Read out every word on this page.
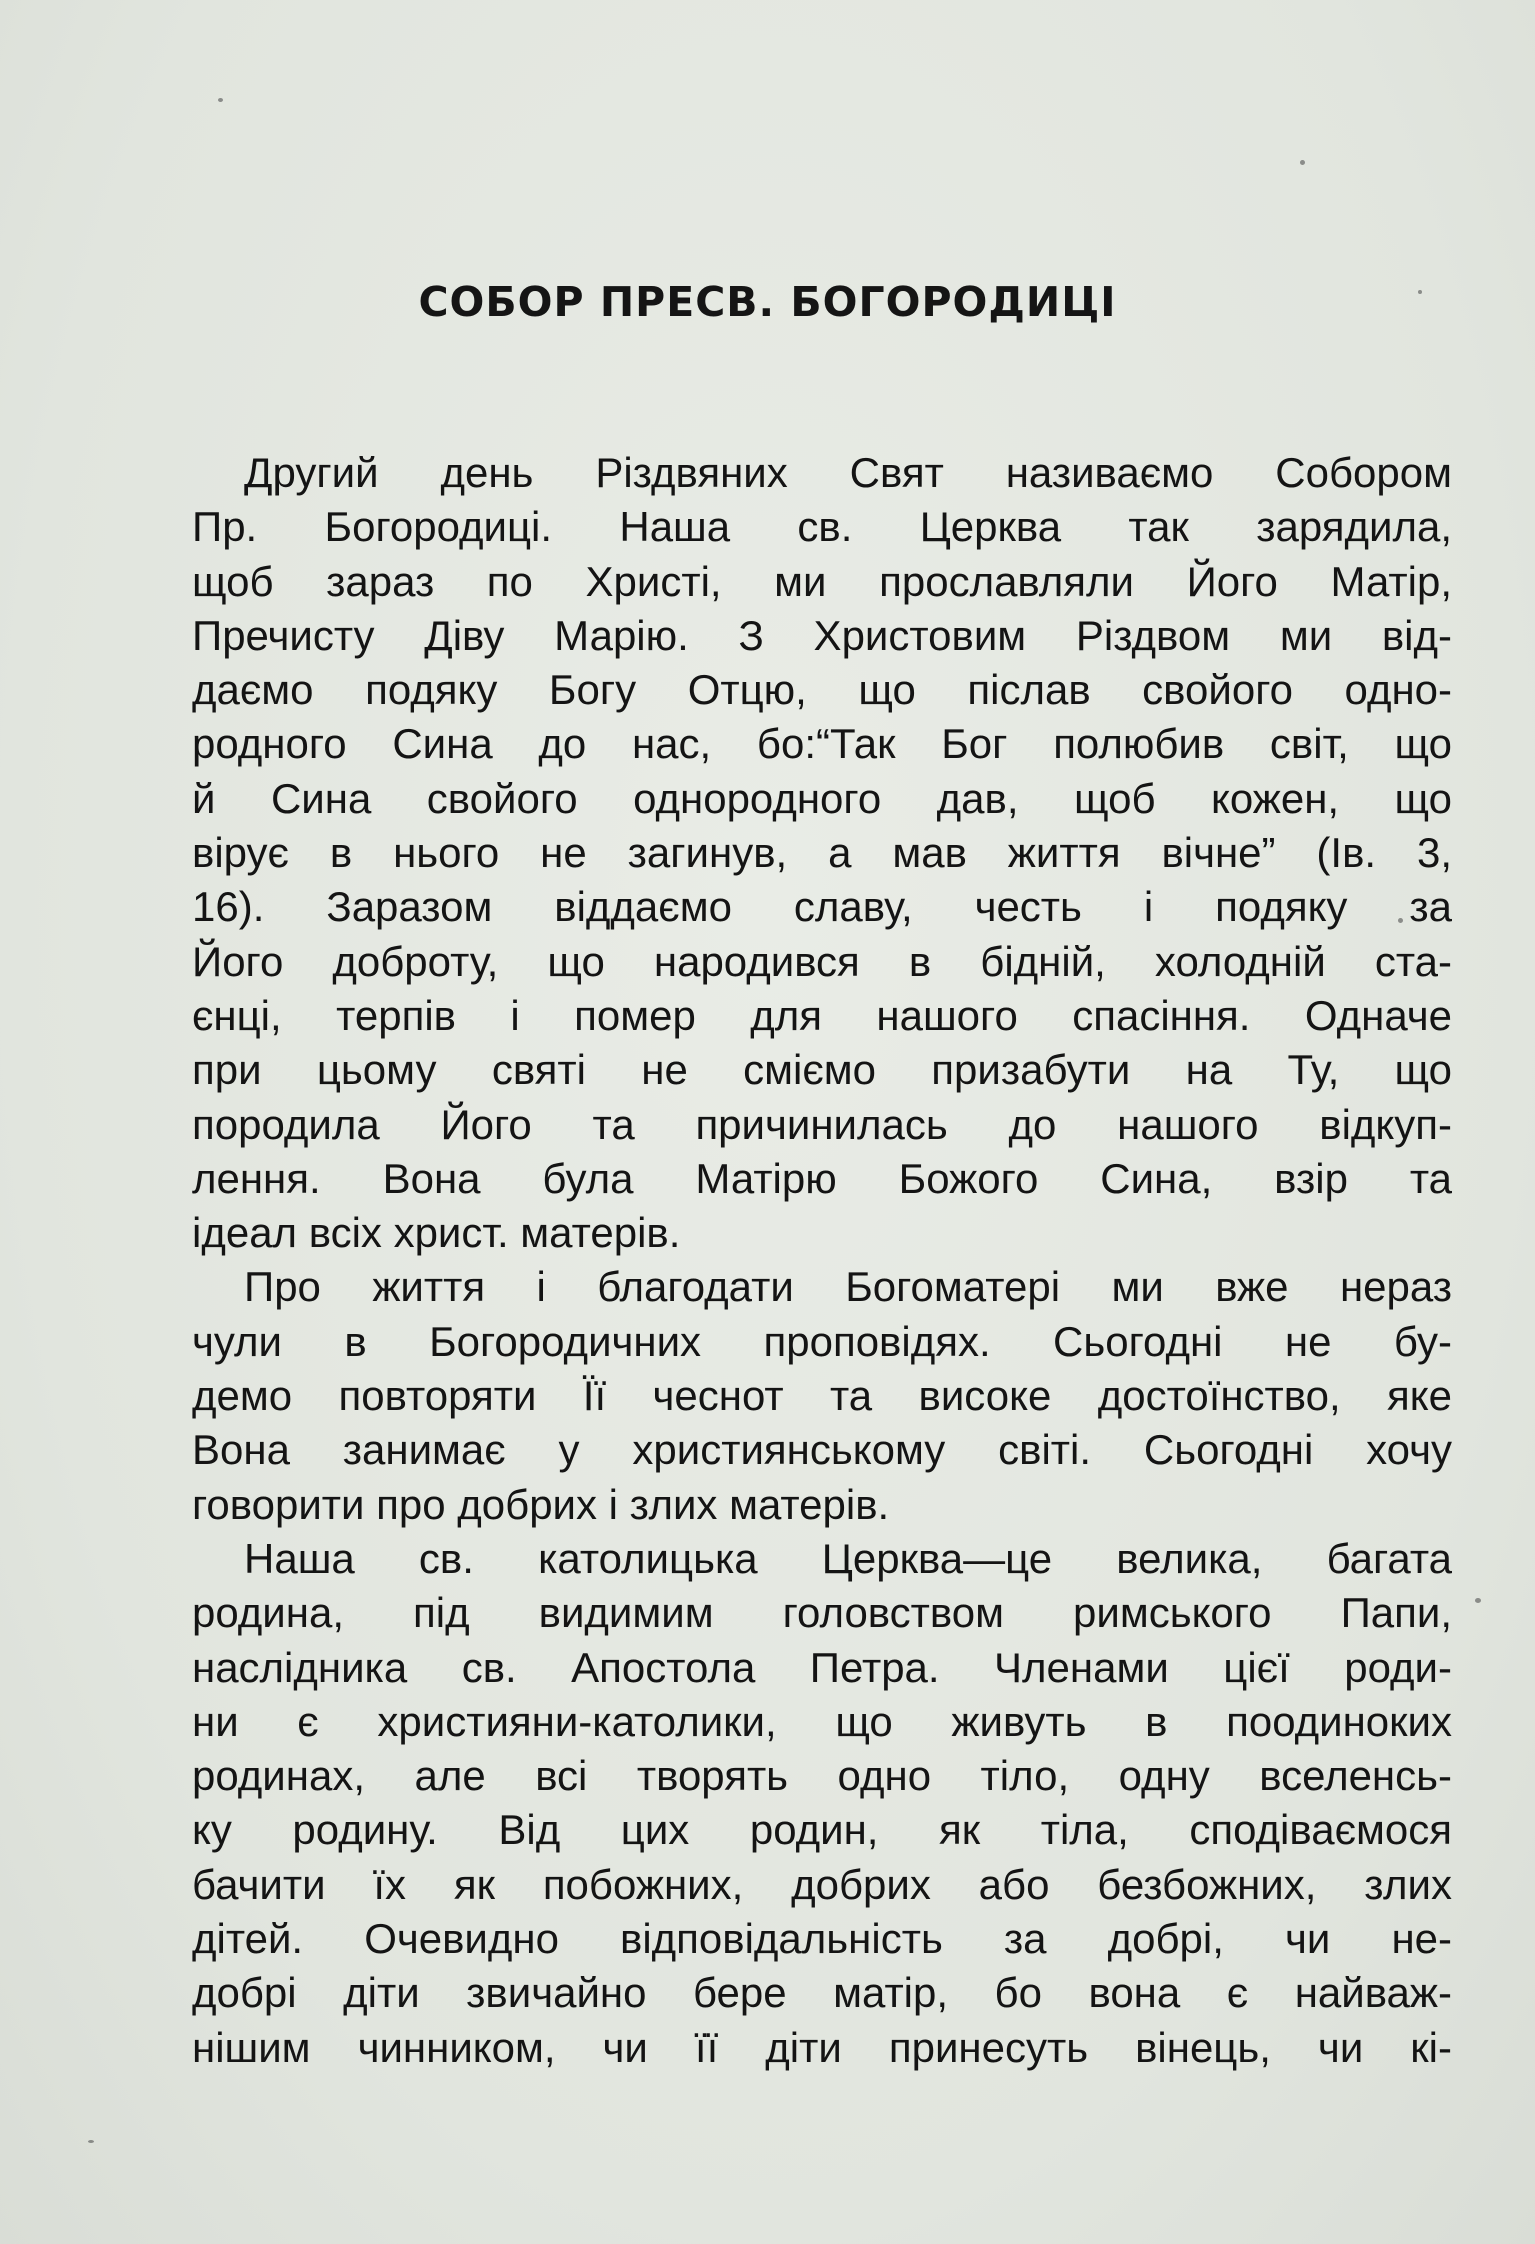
СОБОР ПРЕСВ. БОГОРОДИЦІ
Другий день Різдвяних Свят називаємо Собором
Пр. Богородиці. Наша св. Церква так зарядила,
щоб зараз по Христі, ми прославляли Його Матір,
Пречисту Діву Марію. З Христовим Різдвом ми від-
даємо подяку Богу Отцю, що післав свойого одно-
родного Сина до нас, бо:“Так Бог полюбив світ, що
й Сина свойого однородного дав, щоб кожен, що
вірує в нього не загинув, а мав життя вічне” (Ів. 3,
16). Заразом віддаємо славу, честь і подяку за
Його доброту, що народився в бідній, холодній ста-
єнці, терпів і помер для нашого спасіння. Одначе
при цьому святі не сміємо призабути на Ту, що
породила Його та причинилась до нашого відкуп-
лення. Вона була Матірю Божого Сина, взір та
ідеал всіх христ. матерів.
Про життя і благодати Богоматері ми вже нераз
чули в Богородичних проповідях. Сьогодні не бу-
демо повторяти Її чеснот та високе достоїнство, яке
Вона занимає у християнському світі. Сьогодні хочу
говорити про добрих і злих матерів.
Наша св. католицька Церква—це велика, багата
родина, під видимим головством римського Папи,
наслідника св. Апостола Петра. Членами цієї роди-
ни є християни-католики, що живуть в поодиноких
родинах, але всі творять одно тіло, одну вселенсь-
ку родину. Від цих родин, як тіла, сподіваємося
бачити їх як побожних, добрих або безбожних, злих
дітей. Очевидно відповідальність за добрі, чи не-
добрі діти звичайно бере матір, бо вона є найваж-
нішим чинником, чи її діти принесуть вінець, чи кі-
